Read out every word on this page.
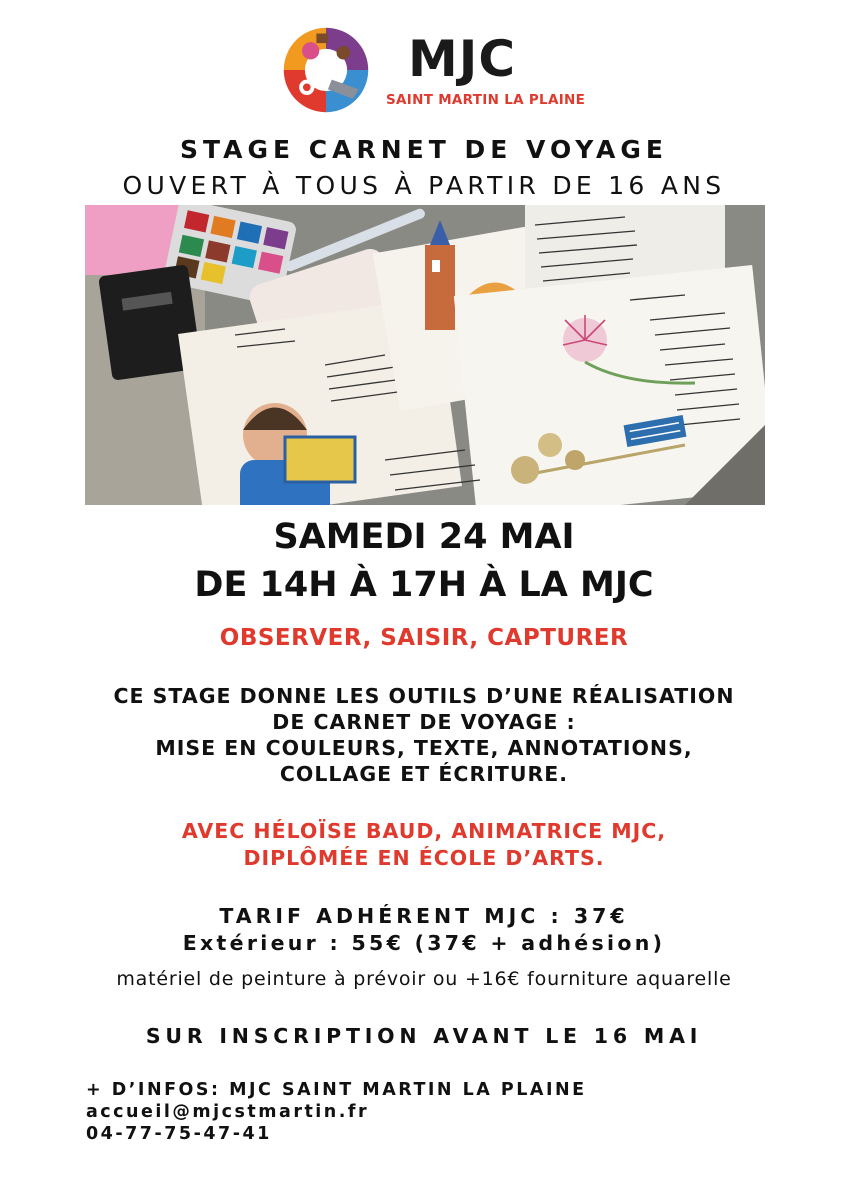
MJC
SAINT MARTIN LA PLAINE
STAGE CARNET DE VOYAGE
OUVERT À TOUS À PARTIR DE 16 ANS
SAMEDI 24 MAI
DE 14H À 17H À LA MJC
OBSERVER, SAISIR, CAPTURER
CE STAGE DONNE LES OUTILS D’UNE RÉALISATION
DE CARNET DE VOYAGE :
MISE EN COULEURS, TEXTE, ANNOTATIONS,
COLLAGE ET ÉCRITURE.
AVEC HÉLOÏSE BAUD, ANIMATRICE MJC,
DIPLÔMÉE EN ÉCOLE D’ARTS.
TARIF ADHÉRENT MJC : 37€
Extérieur : 55€ (37€ + adhésion)
matériel de peinture à prévoir ou +16€ fourniture aquarelle
SUR INSCRIPTION AVANT LE 16 MAI
+ D’INFOS: MJC SAINT MARTIN LA PLAINE
accueil@mjcstmartin.fr
04-77-75-47-41
